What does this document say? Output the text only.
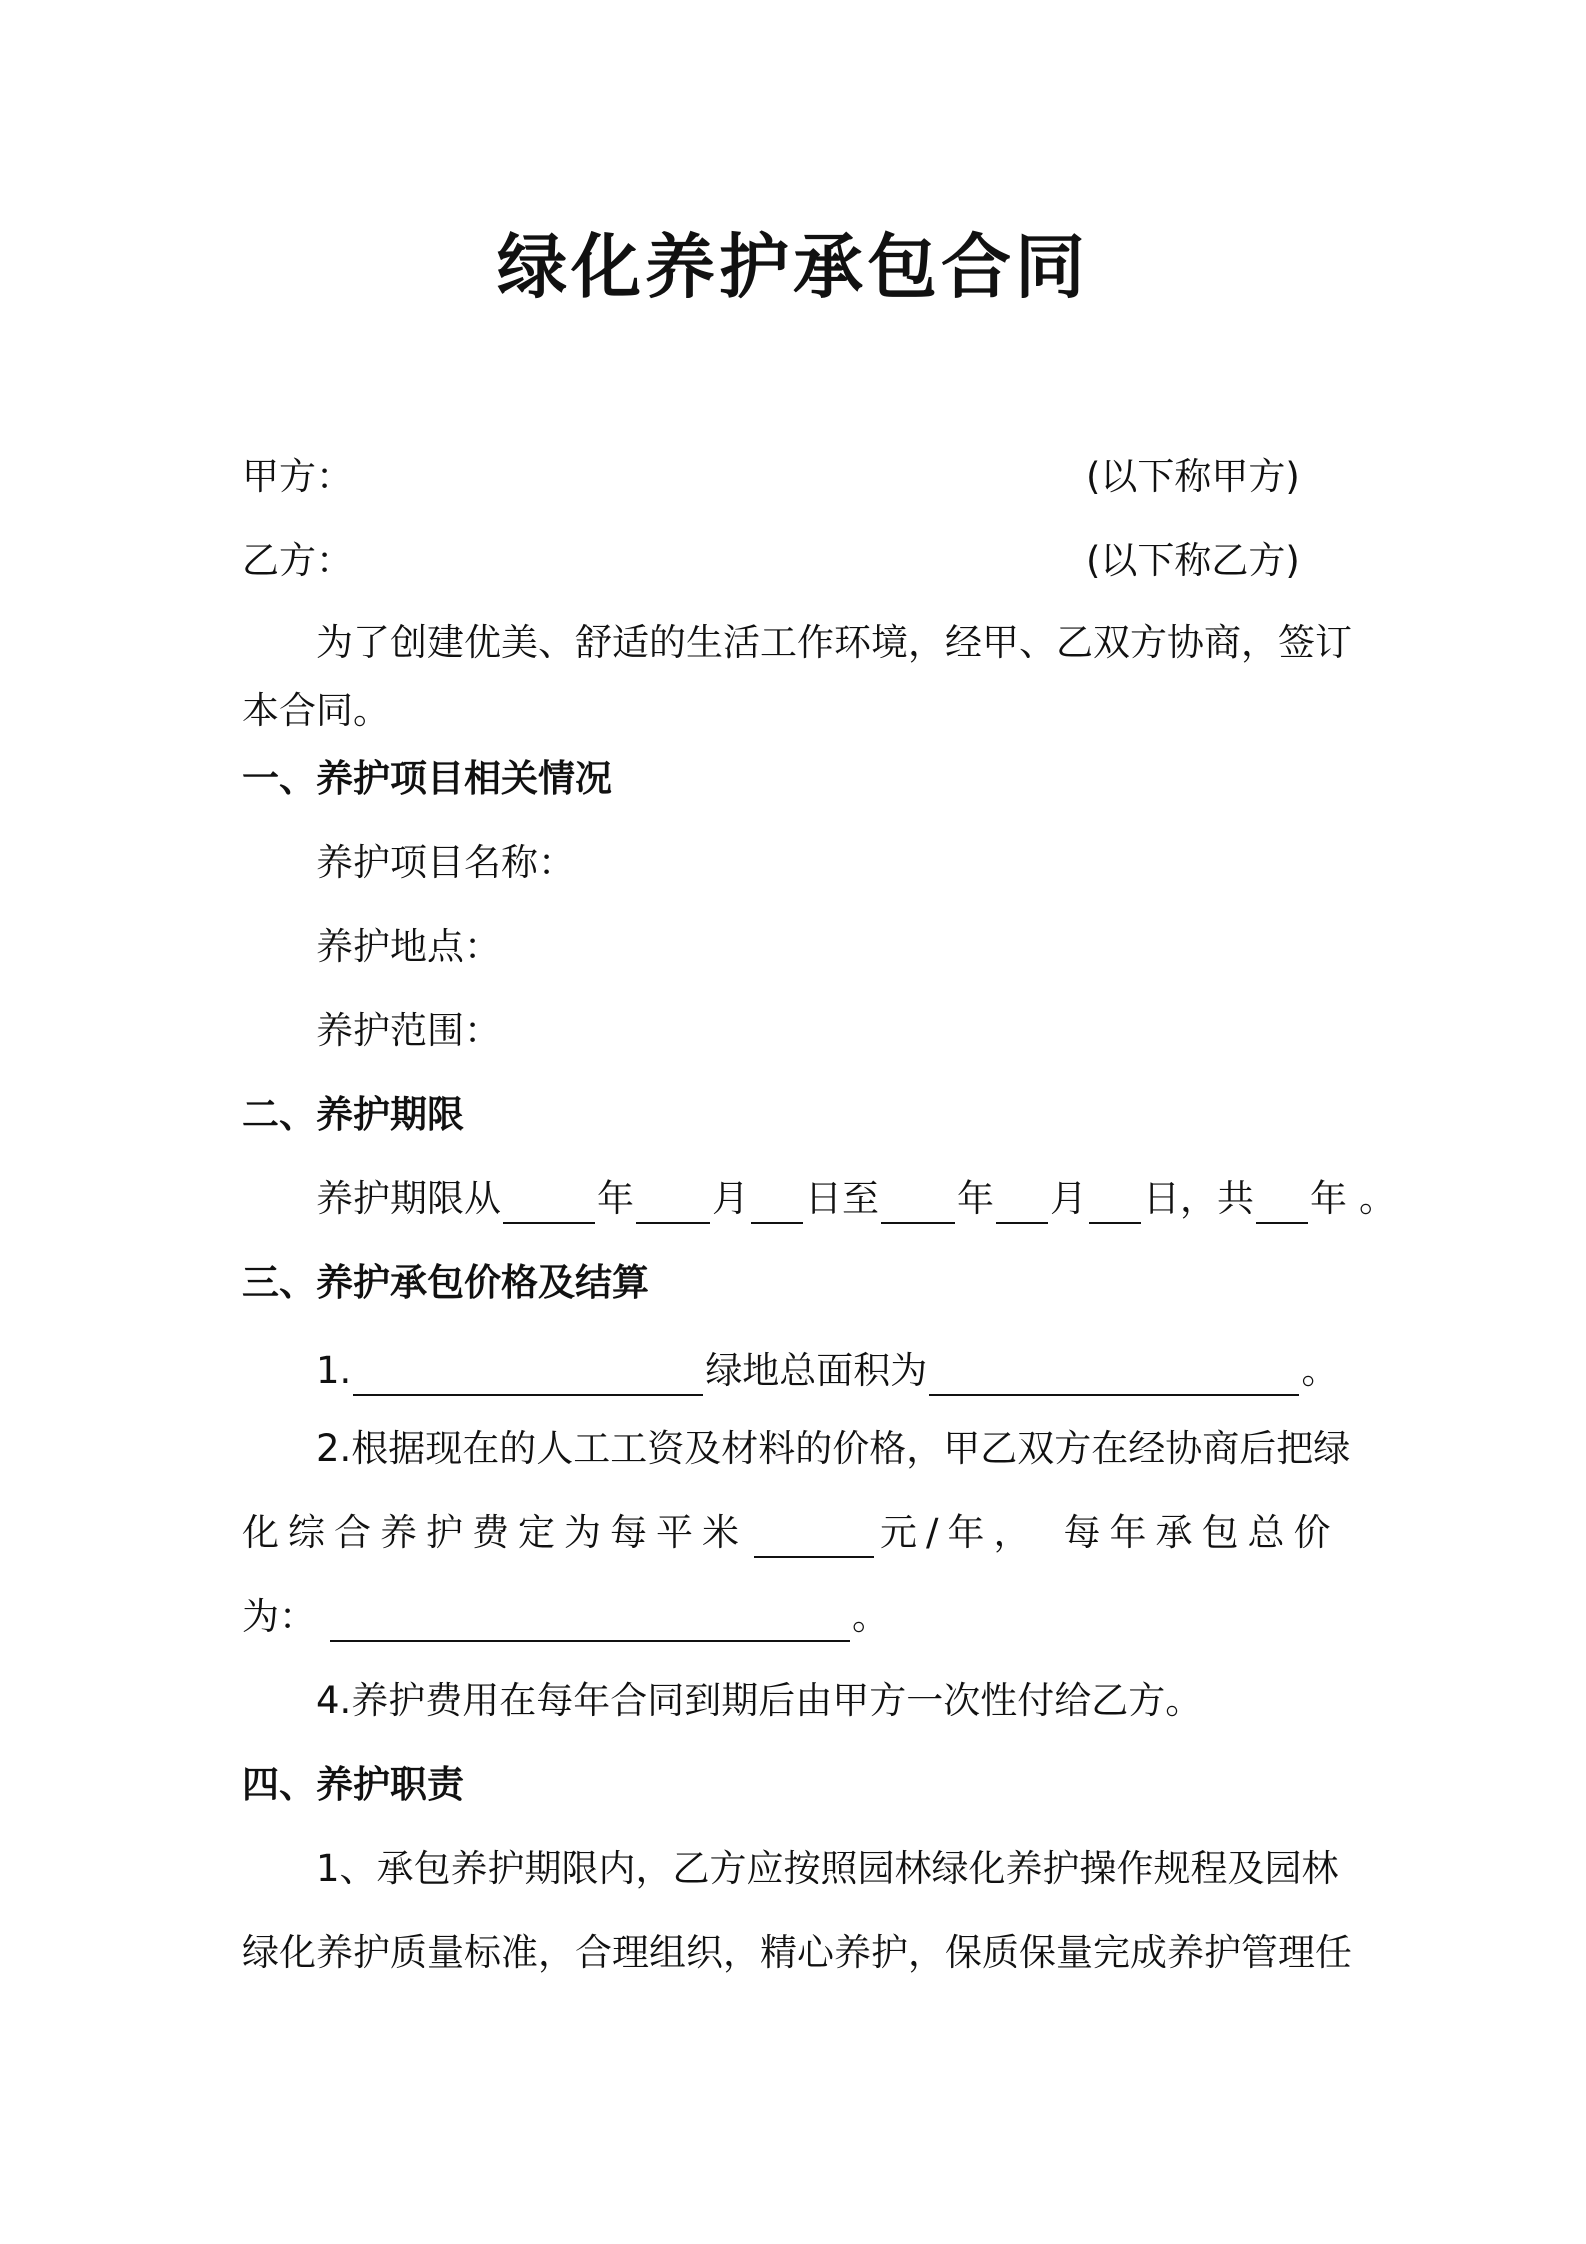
绿化养护承包合同
甲方：	(以下称甲方)
乙方：	(以下称乙方)
为了创建优美、舒适的生活工作环境，经甲、乙双方协商，签订
本合同。
一、养护项目相关情况
养护项目名称：
养护地点：
养护范围：
二、养护期限
养护期限从	年 月 日至 年 月 日，共 年 。
三、养护承包价格及结算
1.	绿地总面积为	。
2.根据现在的人工工资及材料的价格，甲乙双方在经协商后把绿
化综合养护费定为每平米	元/年， 每年承包总价
为：	。
4.养护费用在每年合同到期后由甲方一次性付给乙方。
四、养护职责
1、承包养护期限内，乙方应按照园林绿化养护操作规程及园林
绿化养护质量标准，合理组织，精心养护，保质保量完成养护管理任
